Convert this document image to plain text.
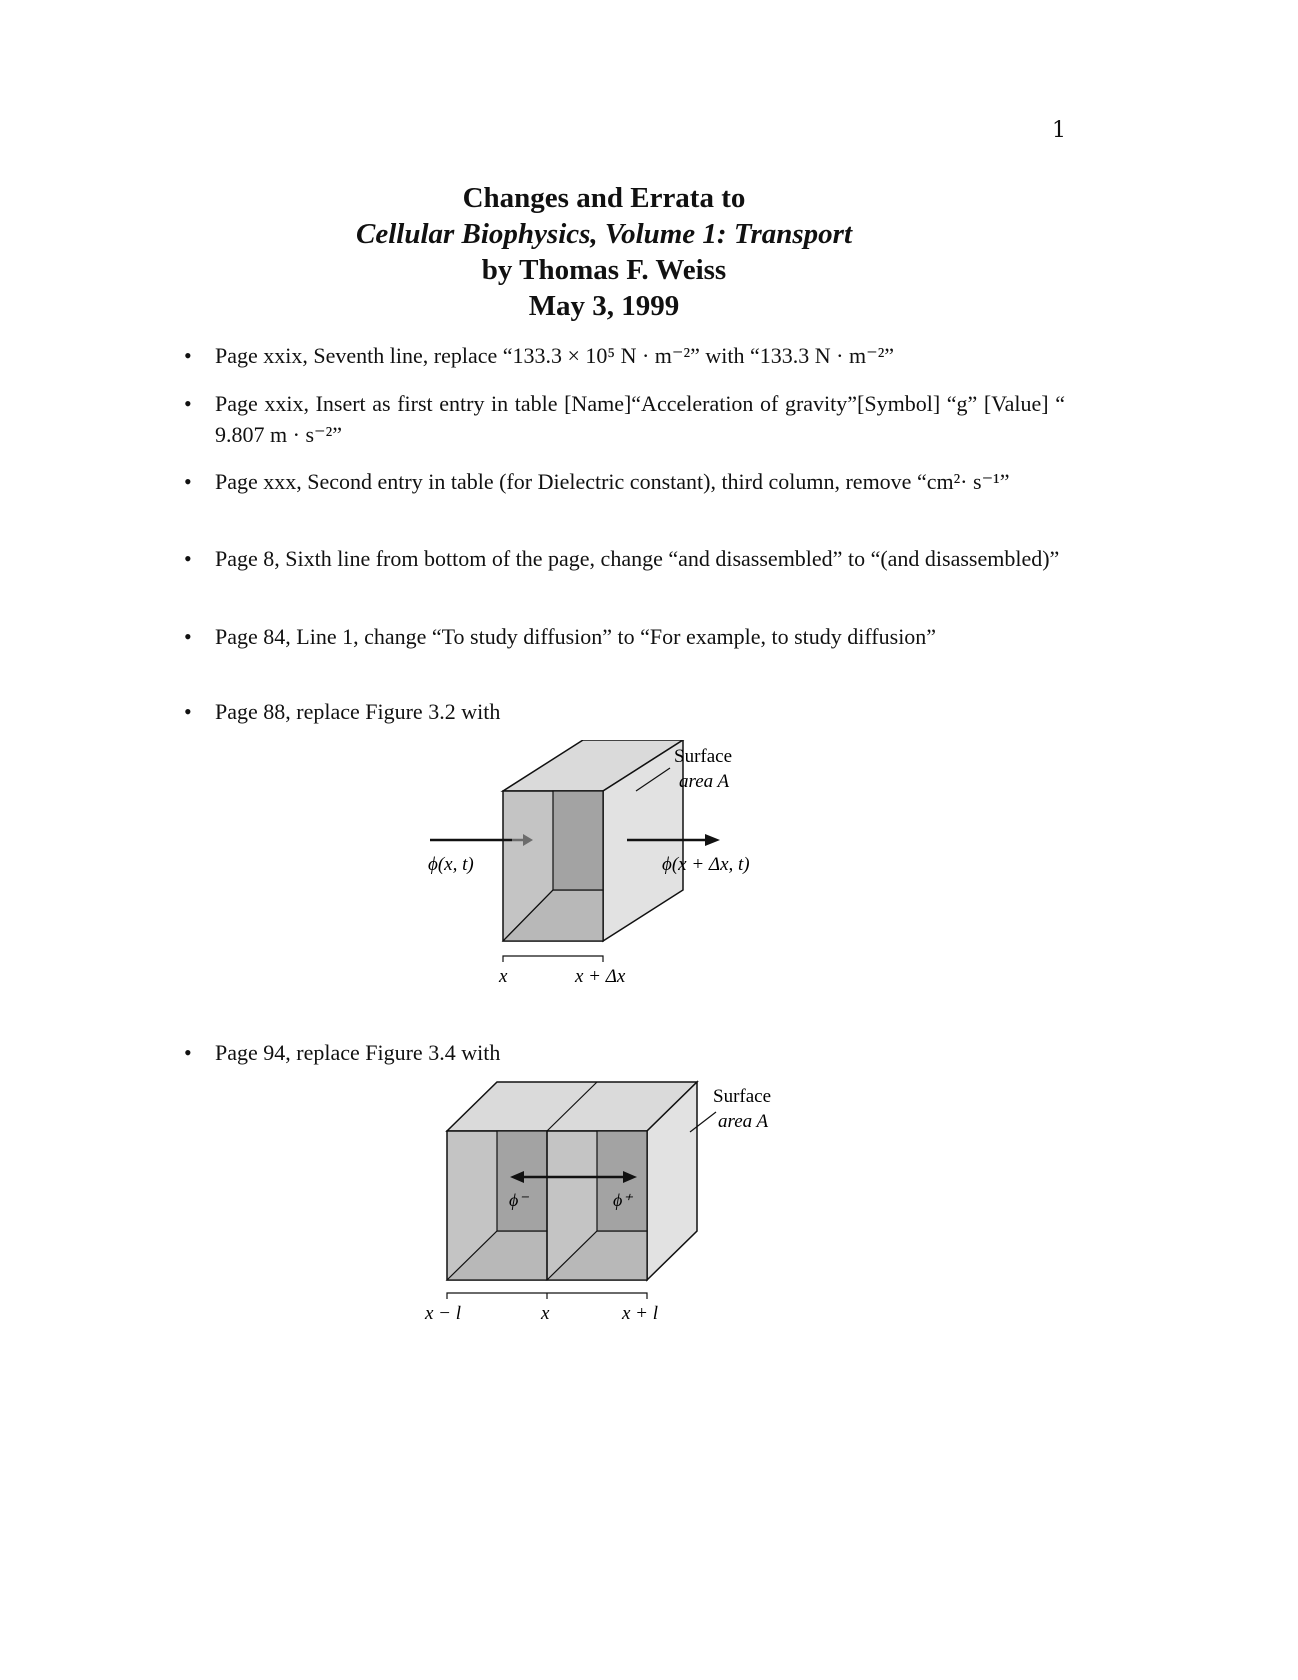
1
Changes and Errata to
Cellular Biophysics, Volume 1: Transport
by Thomas F. Weiss
May 3, 1999
• Page xxix, Seventh line, replace “133.3 × 10⁵ N · m⁻²” with “133.3 N · m⁻²”
• Page xxix, Insert as first entry in table [Name]“Acceleration of gravity”[Symbol] “g” [Value] “ 9.807 m · s⁻²”
• Page xxx, Second entry in table (for Dielectric constant), third column, remove “cm²· s⁻¹”
• Page 8, Sixth line from bottom of the page, change “and disassembled” to “(and disassembled)”
• Page 84, Line 1, change “To study diffusion” to “For example, to study diffusion”
• Page 88, replace Figure 3.2 with
• Page 94, replace Figure 3.4 with
Surface
area A
ϕ(x, t)	ϕ(x + Δx, t)
x	x + Δx
ϕ⁻	ϕ⁺
Surface
area A
x − l	x	x + l
